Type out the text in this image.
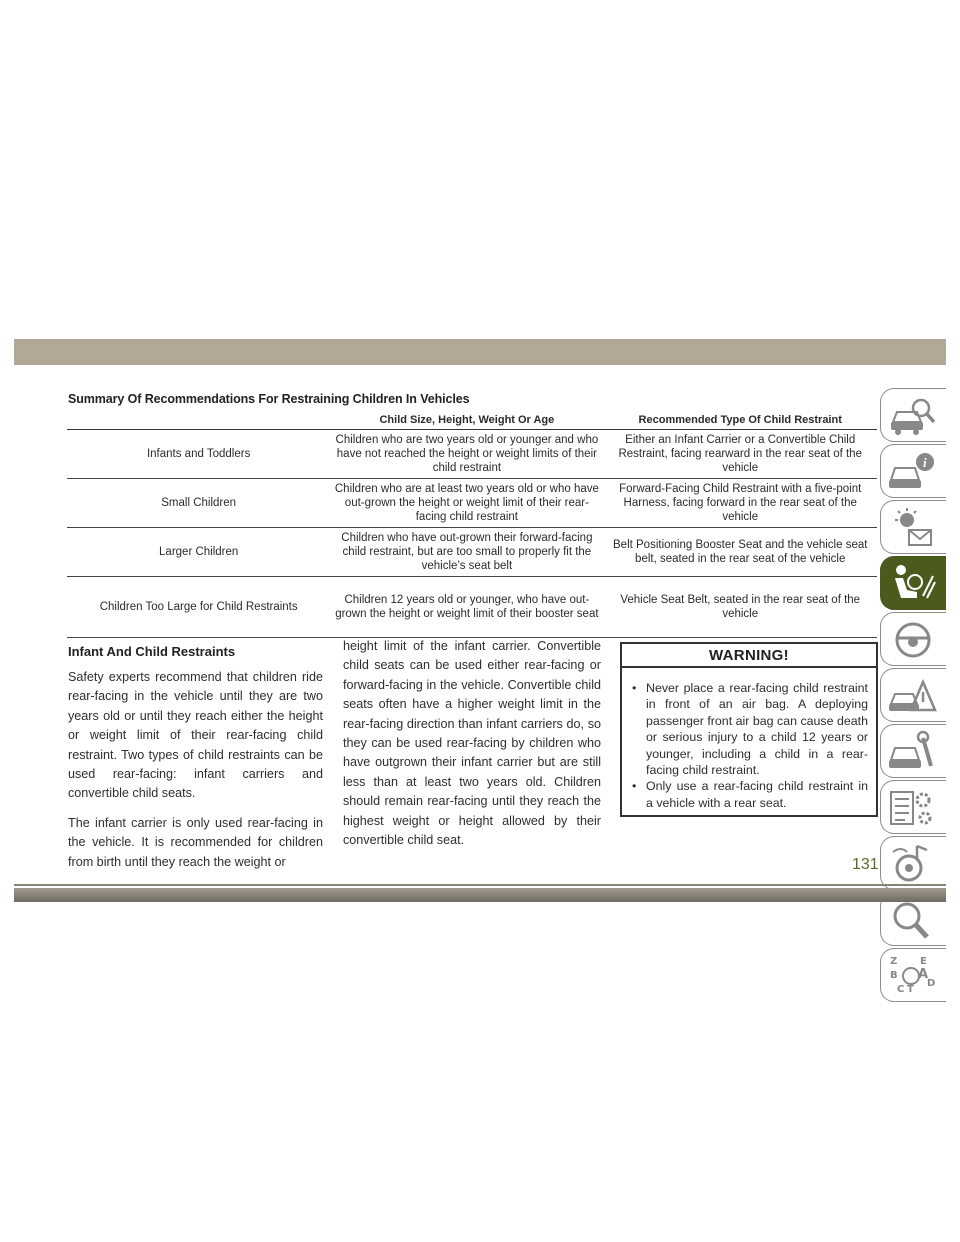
Summary Of Recommendations For Restraining Children In Vehicles
	Child Size, Height, Weight Or Age	Recommended Type Of Child Restraint
Infants and Toddlers	Children who are two years old or younger and who have not reached the height or weight limits of their child restraint	Either an Infant Carrier or a Convertible Child Restraint, facing rearward in the rear seat of the vehicle
Small Children	Children who are at least two years old or who have out-grown the height or weight limit of their rear-facing child restraint	Forward-Facing Child Restraint with a five-point Harness, facing forward in the rear seat of the vehicle
Larger Children	Children who have out-grown their forward-facing child restraint, but are too small to properly fit the vehicle’s seat belt	Belt Positioning Booster Seat and the vehicle seat belt, seated in the rear seat of the vehicle
Children Too Large for Child Restraints	Children 12 years old or younger, who have out-grown the height or weight limit of their booster seat	Vehicle Seat Belt, seated in the rear seat of the vehicle
Infant And Child Restraints

Safety experts recommend that children ride rear-facing in the vehicle until they are two years old or until they reach either the height or weight limit of their rear-facing child restraint. Two types of child restraints can be used rear-facing: infant carriers and convertible child seats.

The infant carrier is only used rear-facing in the vehicle. It is recommended for children from birth until they reach the weight or

height limit of the infant carrier. Convertible child seats can be used either rear-facing or forward-facing in the vehicle. Convertible child seats often have a higher weight limit in the rear-facing direction than infant carriers do, so they can be used rear-facing by children who have outgrown their infant carrier but are still less than at least two years old. Children should remain rear-facing until they reach the highest weight or height allowed by their convertible child seat.

WARNING!
• Never place a rear-facing child restraint in front of an air bag. A deploying passenger front air bag can cause death or serious injury to a child 12 years or younger, including a child in a rear-facing child restraint.
• Only use a rear-facing child restraint in a vehicle with a rear seat.
i
Z E
B A
C T
D
131
